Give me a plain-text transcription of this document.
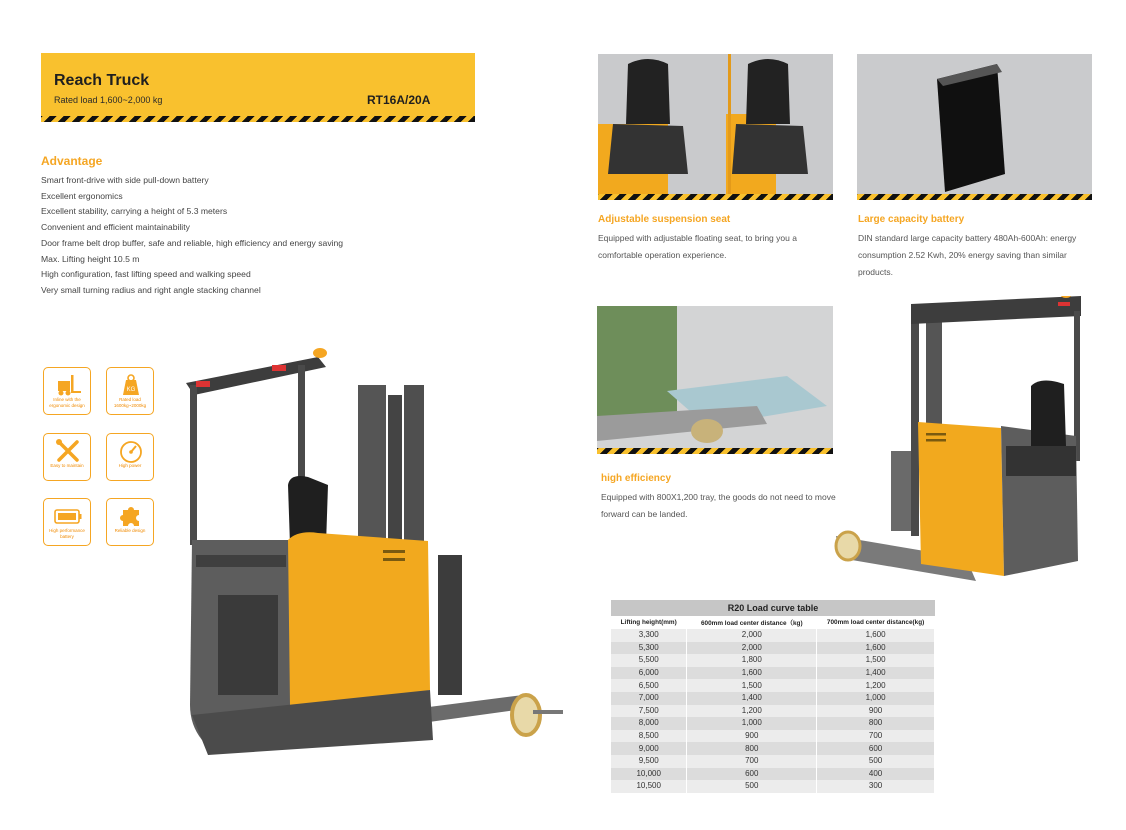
Reach Truck
Rated load 1,600~2,000 kg	RT16A/20A
Advantage
Smart front-drive with side pull-down battery
Excellent ergonomics
Excellent stability, carrying a height of 5.3 meters
Convenient and efficient maintainability
Door frame belt drop buffer, safe and reliable, high efficiency and energy saving
Max. Lifting height 10.5 m
High configuration, fast lifting speed and walking speed
Very small turning radius and right angle stacking channel
Inline with the ergonomic design
KG
Rated load 1600kg~2000kg
Easy to maintain	High power
High performance battery
Reliable design
Adjustable suspension seat
Equipped with adjustable floating seat, to bring you a comfortable operation experience.
Large capacity battery
DIN standard large capacity battery 480Ah-600Ah: energy consumption 2.52 Kwh, 20% energy saving than similar products.
high efficiency
Equipped with 800X1,200 tray, the goods do not need to move forward can be landed.
R20 Load curve table
Lifting height(mm)	600mm load center distance（kg)	700mm load center distance(kg)
3,300	2,000	1,600
5,300	2,000	1,600
5,500	1,800	1,500
6,000	1,600	1,400
6,500	1,500	1,200
7,000	1,400	1,000
7,500	1,200	900
8,000	1,000	800
8,500	900	700
9,000	800	600
9,500	700	500
10,000	600	400
10,500	500	300
